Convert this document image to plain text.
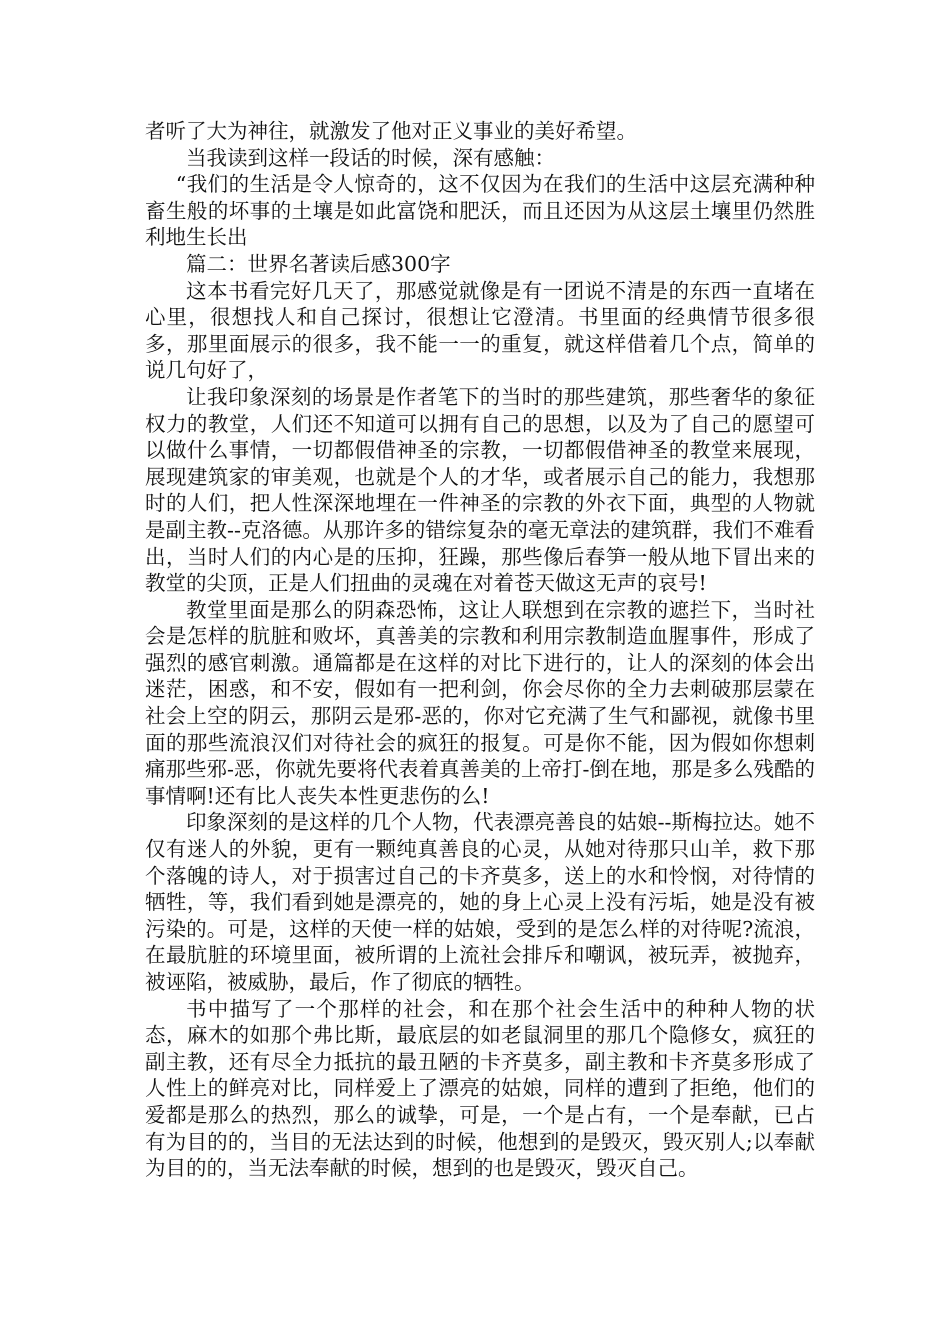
者听了大为神往，就激发了他对正义事业的美好希望。

当我读到这样一段话的时候，深有感触：

“我们的生活是令人惊奇的，这不仅因为在我们的生活中这层充满种种畜生般的坏事的土壤是如此富饶和肥沃，而且还因为从这层土壤里仍然胜利地生长出

篇二：世界名著读后感300字

这本书看完好几天了，那感觉就像是有一团说不清是的东西一直堵在心里，很想找人和自己探讨，很想让它澄清。书里面的经典情节很多很多，那里面展示的很多，我不能一一的重复，就这样借着几个点，简单的说几句好了，

让我印象深刻的场景是作者笔下的当时的那些建筑，那些奢华的象征权力的教堂，人们还不知道可以拥有自己的思想，以及为了自己的愿望可以做什么事情，一切都假借神圣的宗教，一切都假借神圣的教堂来展现，展现建筑家的审美观，也就是个人的才华，或者展示自己的能力，我想那时的人们，把人性深深地埋在一件神圣的宗教的外衣下面，典型的人物就是副主教--克洛德。从那许多的错综复杂的毫无章法的建筑群，我们不难看出，当时人们的内心是的压抑，狂躁，那些像后春笋一般从地下冒出来的教堂的尖顶，正是人们扭曲的灵魂在对着苍天做这无声的哀号!

教堂里面是那么的阴森恐怖，这让人联想到在宗教的遮拦下，当时社会是怎样的肮脏和败坏，真善美的宗教和利用宗教制造血腥事件，形成了强烈的感官刺激。通篇都是在这样的对比下进行的，让人的深刻的体会出迷茫，困惑，和不安，假如有一把利剑，你会尽你的全力去刺破那层蒙在社会上空的阴云，那阴云是邪-恶的，你对它充满了生气和鄙视，就像书里面的那些流浪汉们对待社会的疯狂的报复。可是你不能，因为假如你想刺痛那些邪-恶，你就先要将代表着真善美的上帝打-倒在地，那是多么残酷的事情啊!还有比人丧失本性更悲伤的么!

印象深刻的是这样的几个人物，代表漂亮善良的姑娘--斯梅拉达。她不仅有迷人的外貌，更有一颗纯真善良的心灵，从她对待那只山羊，救下那个落魄的诗人，对于损害过自己的卡齐莫多，送上的水和怜悯，对待情的牺牲，等，我们看到她是漂亮的，她的身上心灵上没有污垢，她是没有被污染的。可是，这样的天使一样的姑娘，受到的是怎么样的对待呢?流浪，在最肮脏的环境里面，被所谓的上流社会排斥和嘲讽，被玩弄，被抛弃，被诬陷，被威胁，最后，作了彻底的牺牲。

书中描写了一个那样的社会，和在那个社会生活中的种种人物的状态，麻木的如那个弗比斯，最底层的如老鼠洞里的那几个隐修女，疯狂的副主教，还有尽全力抵抗的最丑陋的卡齐莫多，副主教和卡齐莫多形成了人性上的鲜亮对比，同样爱上了漂亮的姑娘，同样的遭到了拒绝，他们的爱都是那么的热烈，那么的诚挚，可是，一个是占有，一个是奉献，已占有为目的的，当目的无法达到的时候，他想到的是毁灭，毁灭别人;以奉献为目的的，当无法奉献的时候，想到的也是毁灭，毁灭自己。
